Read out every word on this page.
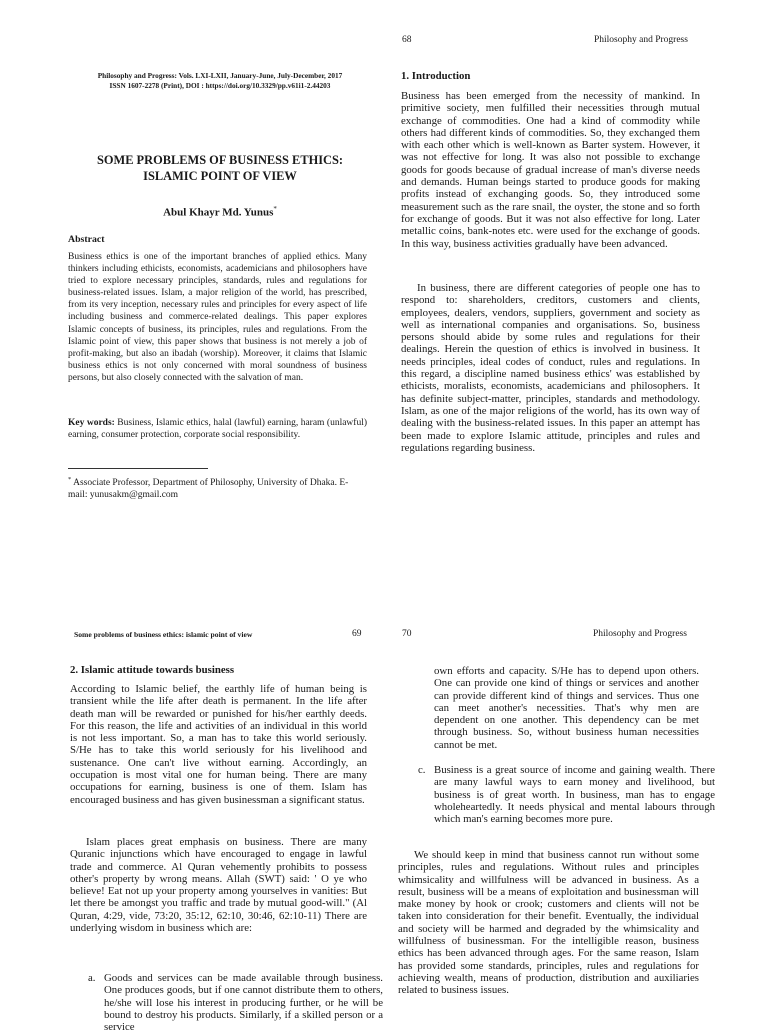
68	Philosophy and Progress
Philosophy and Progress: Vols. LXI-LXII, January-June, July-December, 2017
ISSN 1607-2278 (Print), DOI : https://doi.org/10.3329/pp.v61i1-2.44203
SOME PROBLEMS OF BUSINESS ETHICS:
ISLAMIC POINT OF VIEW
Abul Khayr Md. Yunus*
Abstract

Business ethics is one of the important branches of applied ethics. Many thinkers including ethicists, economists, academicians and philosophers have tried to explore necessary principles, standards, rules and regulations for business-related issues. Islam, a major religion of the world, has prescribed, from its very inception, necessary rules and principles for every aspect of life including business and commerce-related dealings. This paper explores Islamic concepts of business, its principles, rules and regulations. From the Islamic point of view, this paper shows that business is not merely a job of profit-making, but also an ibadah (worship). Moreover, it claims that Islamic business ethics is not only concerned with moral soundness of business persons, but also closely connected with the salvation of man.

Key words: Business, Islamic ethics, halal (lawful) earning, haram (unlawful) earning, consumer protection, corporate social responsibility.

* Associate Professor, Department of Philosophy, University of Dhaka. E-mail: yunusakm@gmail.com

1. Introduction

Business has been emerged from the necessity of mankind. In primitive society, men fulfilled their necessities through mutual exchange of commodities. One had a kind of commodity while others had different kinds of commodities. So, they exchanged them with each other which is well-known as Barter system. However, it was not effective for long. It was also not possible to exchange goods for goods because of gradual increase of man's diverse needs and demands. Human beings started to produce goods for making profits instead of exchanging goods. So, they introduced some measurement such as the rare snail, the oyster, the stone and so forth for exchange of goods. But it was not also effective for long. Later metallic coins, bank-notes etc. were used for the exchange of goods. In this way, business activities gradually have been advanced.

In business, there are different categories of people one has to respond to: shareholders, creditors, customers and clients, employees, dealers, vendors, suppliers, government and society as well as international companies and organisations. So, business persons should abide by some rules and regulations for their dealings. Herein the question of ethics is involved in business. It needs principles, ideal codes of conduct, rules and regulations. In this regard, a discipline named business ethics' was established by ethicists, moralists, economists, academicians and philosophers. It has definite subject-matter, principles, standards and methodology. Islam, as one of the major religions of the world, has its own way of dealing with the business-related issues. In this paper an attempt has been made to explore Islamic attitude, principles and rules and regulations regarding business.

Some problems of business ethics: islamic point of view	69
2. Islamic attitude towards business

According to Islamic belief, the earthly life of human being is transient while the life after death is permanent. In the life after death man will be rewarded or punished for his/her earthly deeds. For this reason, the life and activities of an individual in this world is not less important. So, a man has to take this world seriously. S/He has to take this world seriously for his livelihood and sustenance. One can't live without earning. Accordingly, an occupation is most vital one for human being. There are many occupations for earning, business is one of them. Islam has encouraged business and has given businessman a significant status.

Islam places great emphasis on business. There are many Quranic injunctions which have encouraged to engage in lawful trade and commerce. Al Quran vehemently prohibits to possess other's property by wrong means. Allah (SWT) said: ' O ye who believe! Eat not up your property among yourselves in vanities: But let there be amongst you traffic and trade by mutual good-will." (Al Quran, 4:29, vide, 73:20, 35:12, 62:10, 30:46, 62:10-11) There are underlying wisdom in business which are:

a. Goods and services can be made available through business. One produces goods, but if one cannot distribute them to others, he/she will lose his interest in producing further, or he will be bound to destroy his products. Similarly, if a skilled person or a service
70	Philosophy and Progress

own efforts and capacity. S/He has to depend upon others. One can provide one kind of things or services and another can provide different kind of things and services. Thus one can meet another's necessities. That's why men are dependent on one another. This dependency can be met through business. So, without business human necessities cannot be met.

c. Business is a great source of income and gaining wealth. There are many lawful ways to earn money and livelihood, but business is of great worth. In business, man has to engage wholeheartedly. It needs physical and mental labours through which man's earning becomes more pure.

We should keep in mind that business cannot run without some principles, rules and regulations. Without rules and principles whimsicality and willfulness will be advanced in business. As a result, business will be a means of exploitation and businessman will make money by hook or crook; customers and clients will not be taken into consideration for their benefit. Eventually, the individual and society will be harmed and degraded by the whimsicality and willfulness of businessman. For the intelligible reason, business ethics has been advanced through ages. For the same reason, Islam has provided some standards, principles, rules and regulations for achieving wealth, means of production, distribution and auxiliaries related to business issues.
